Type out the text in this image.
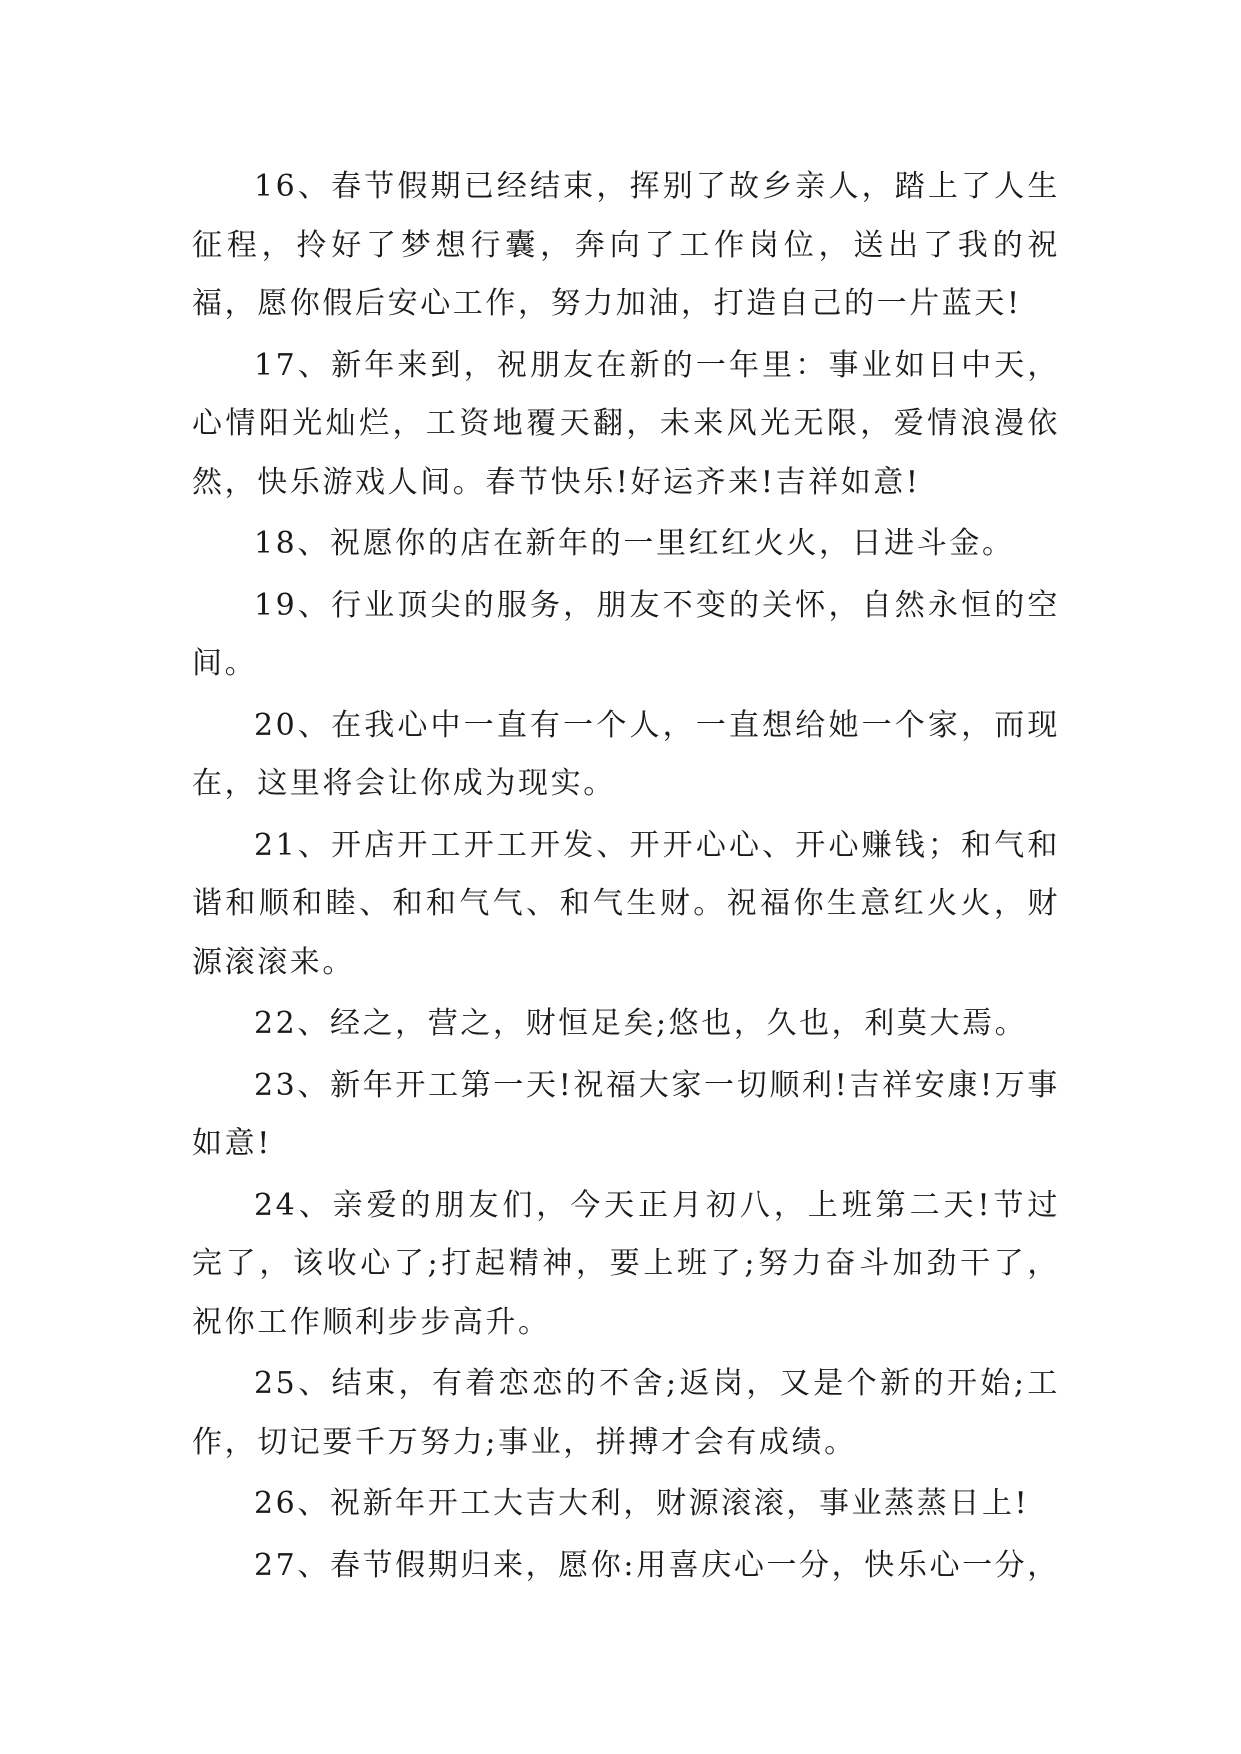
16、春节假期已经结束，挥别了故乡亲人，踏上了人生征程，拎好了梦想行囊，奔向了工作岗位，送出了我的祝福，愿你假后安心工作，努力加油，打造自己的一片蓝天!

17、新年来到，祝朋友在新的一年里：事业如日中天，心情阳光灿烂，工资地覆天翻，未来风光无限，爱情浪漫依然，快乐游戏人间。春节快乐!好运齐来!吉祥如意!

18、祝愿你的店在新年的一里红红火火，日进斗金。

19、行业顶尖的服务，朋友不变的关怀，自然永恒的空间。

20、在我心中一直有一个人，一直想给她一个家，而现在，这里将会让你成为现实。

21、开店开工开工开发、开开心心、开心赚钱；和气和谐和顺和睦、和和气气、和气生财。祝福你生意红火火，财源滚滚来。

22、经之，营之，财恒足矣;悠也，久也，利莫大焉。

23、新年开工第一天!祝福大家一切顺利!吉祥安康!万事如意!

24、亲爱的朋友们，今天正月初八，上班第二天!节过完了，该收心了;打起精神，要上班了;努力奋斗加劲干了，祝你工作顺利步步高升。

25、结束，有着恋恋的不舍;返岗，又是个新的开始;工作，切记要千万努力;事业，拼搏才会有成绩。

26、祝新年开工大吉大利，财源滚滚，事业蒸蒸日上!

27、春节假期归来，愿你:用喜庆心一分，快乐心一分，
